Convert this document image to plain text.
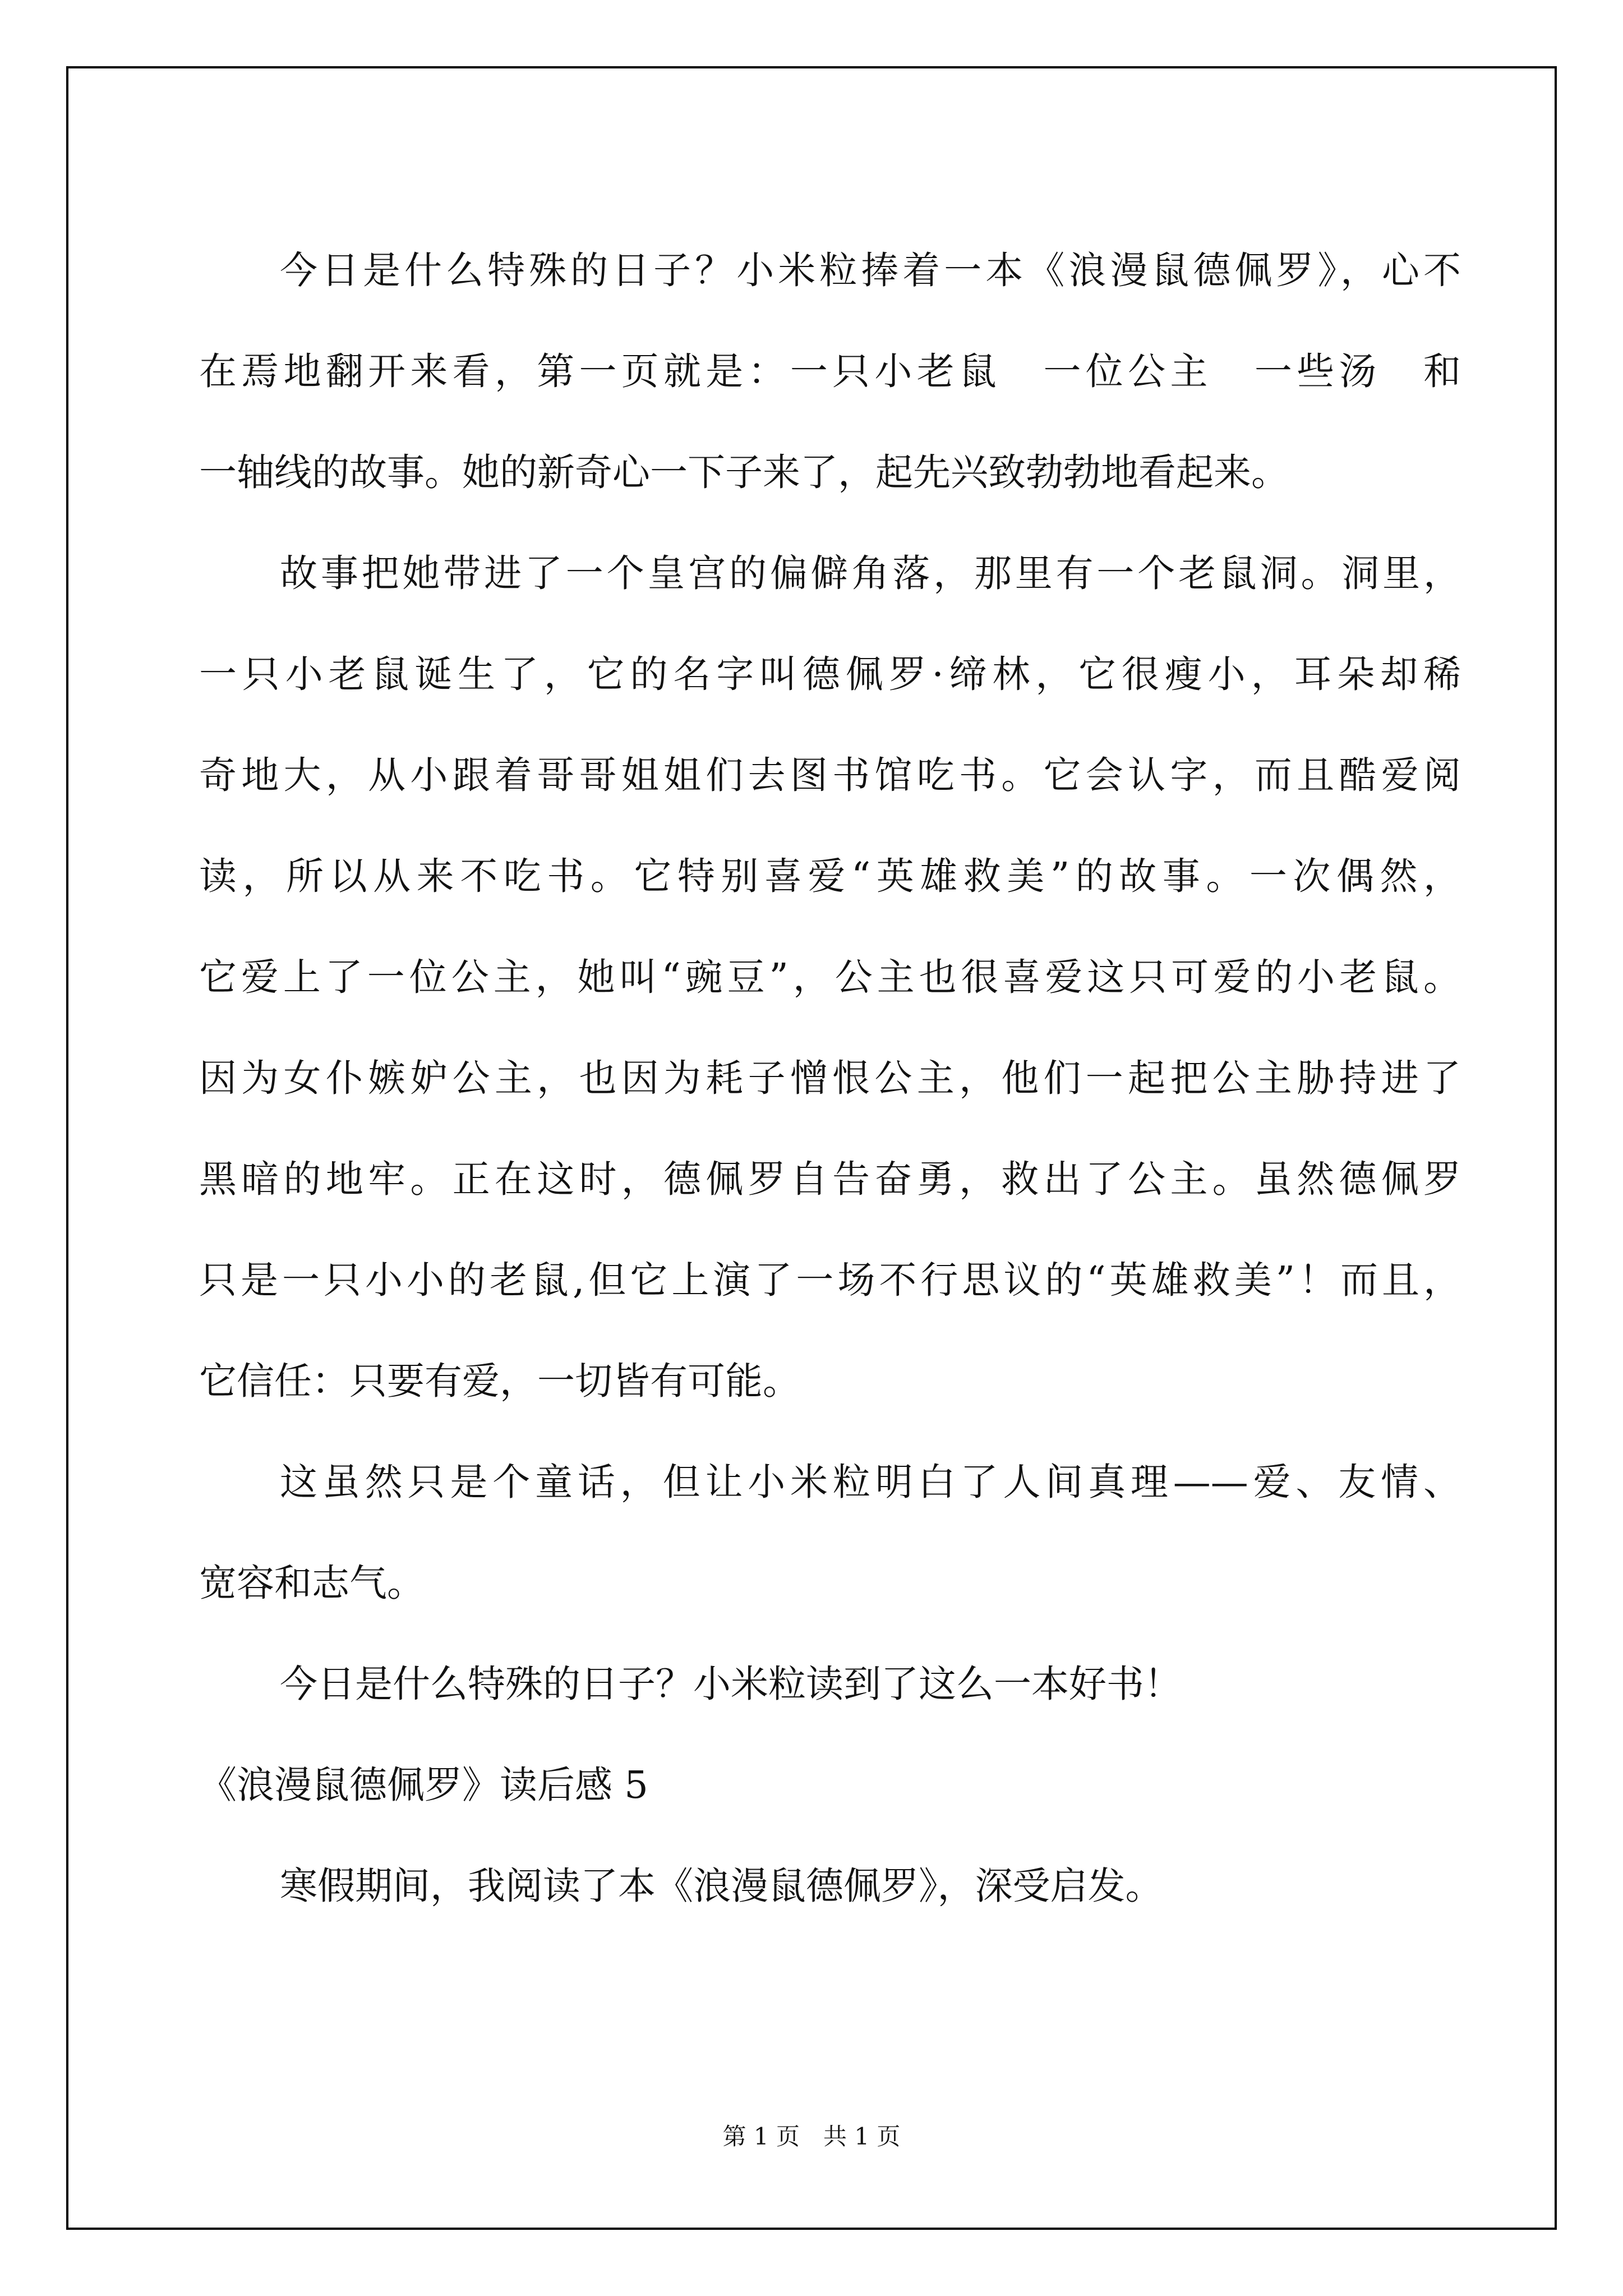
今日是什么特殊的日子？小米粒捧着一本《浪漫鼠德佩罗》，心不
在焉地翻开来看，第一页就是：一只小老鼠　一位公主　一些汤　和
一轴线的故事。她的新奇心一下子来了，起先兴致勃勃地看起来。
故事把她带进了一个皇宫的偏僻角落，那里有一个老鼠洞。洞里，
一只小老鼠诞生了，它的名字叫德佩罗·缔林，它很瘦小，耳朵却稀
奇地大，从小跟着哥哥姐姐们去图书馆吃书。它会认字，而且酷爱阅
读，所以从来不吃书。它特别喜爱“英雄救美”的故事。一次偶然，
它爱上了一位公主，她叫“豌豆”，公主也很喜爱这只可爱的小老鼠。
因为女仆嫉妒公主，也因为耗子憎恨公主，他们一起把公主胁持进了
黑暗的地牢。正在这时，德佩罗自告奋勇，救出了公主。虽然德佩罗
只是一只小小的老鼠,但它上演了一场不行思议的“英雄救美”！而且，
它信任：只要有爱，一切皆有可能。
这虽然只是个童话，但让小米粒明白了人间真理——爱、友情、
宽容和志气。
今日是什么特殊的日子？小米粒读到了这么一本好书！
《浪漫鼠德佩罗》读后感 5
寒假期间，我阅读了本《浪漫鼠德佩罗》，深受启发。
第 1 页　共 1 页
